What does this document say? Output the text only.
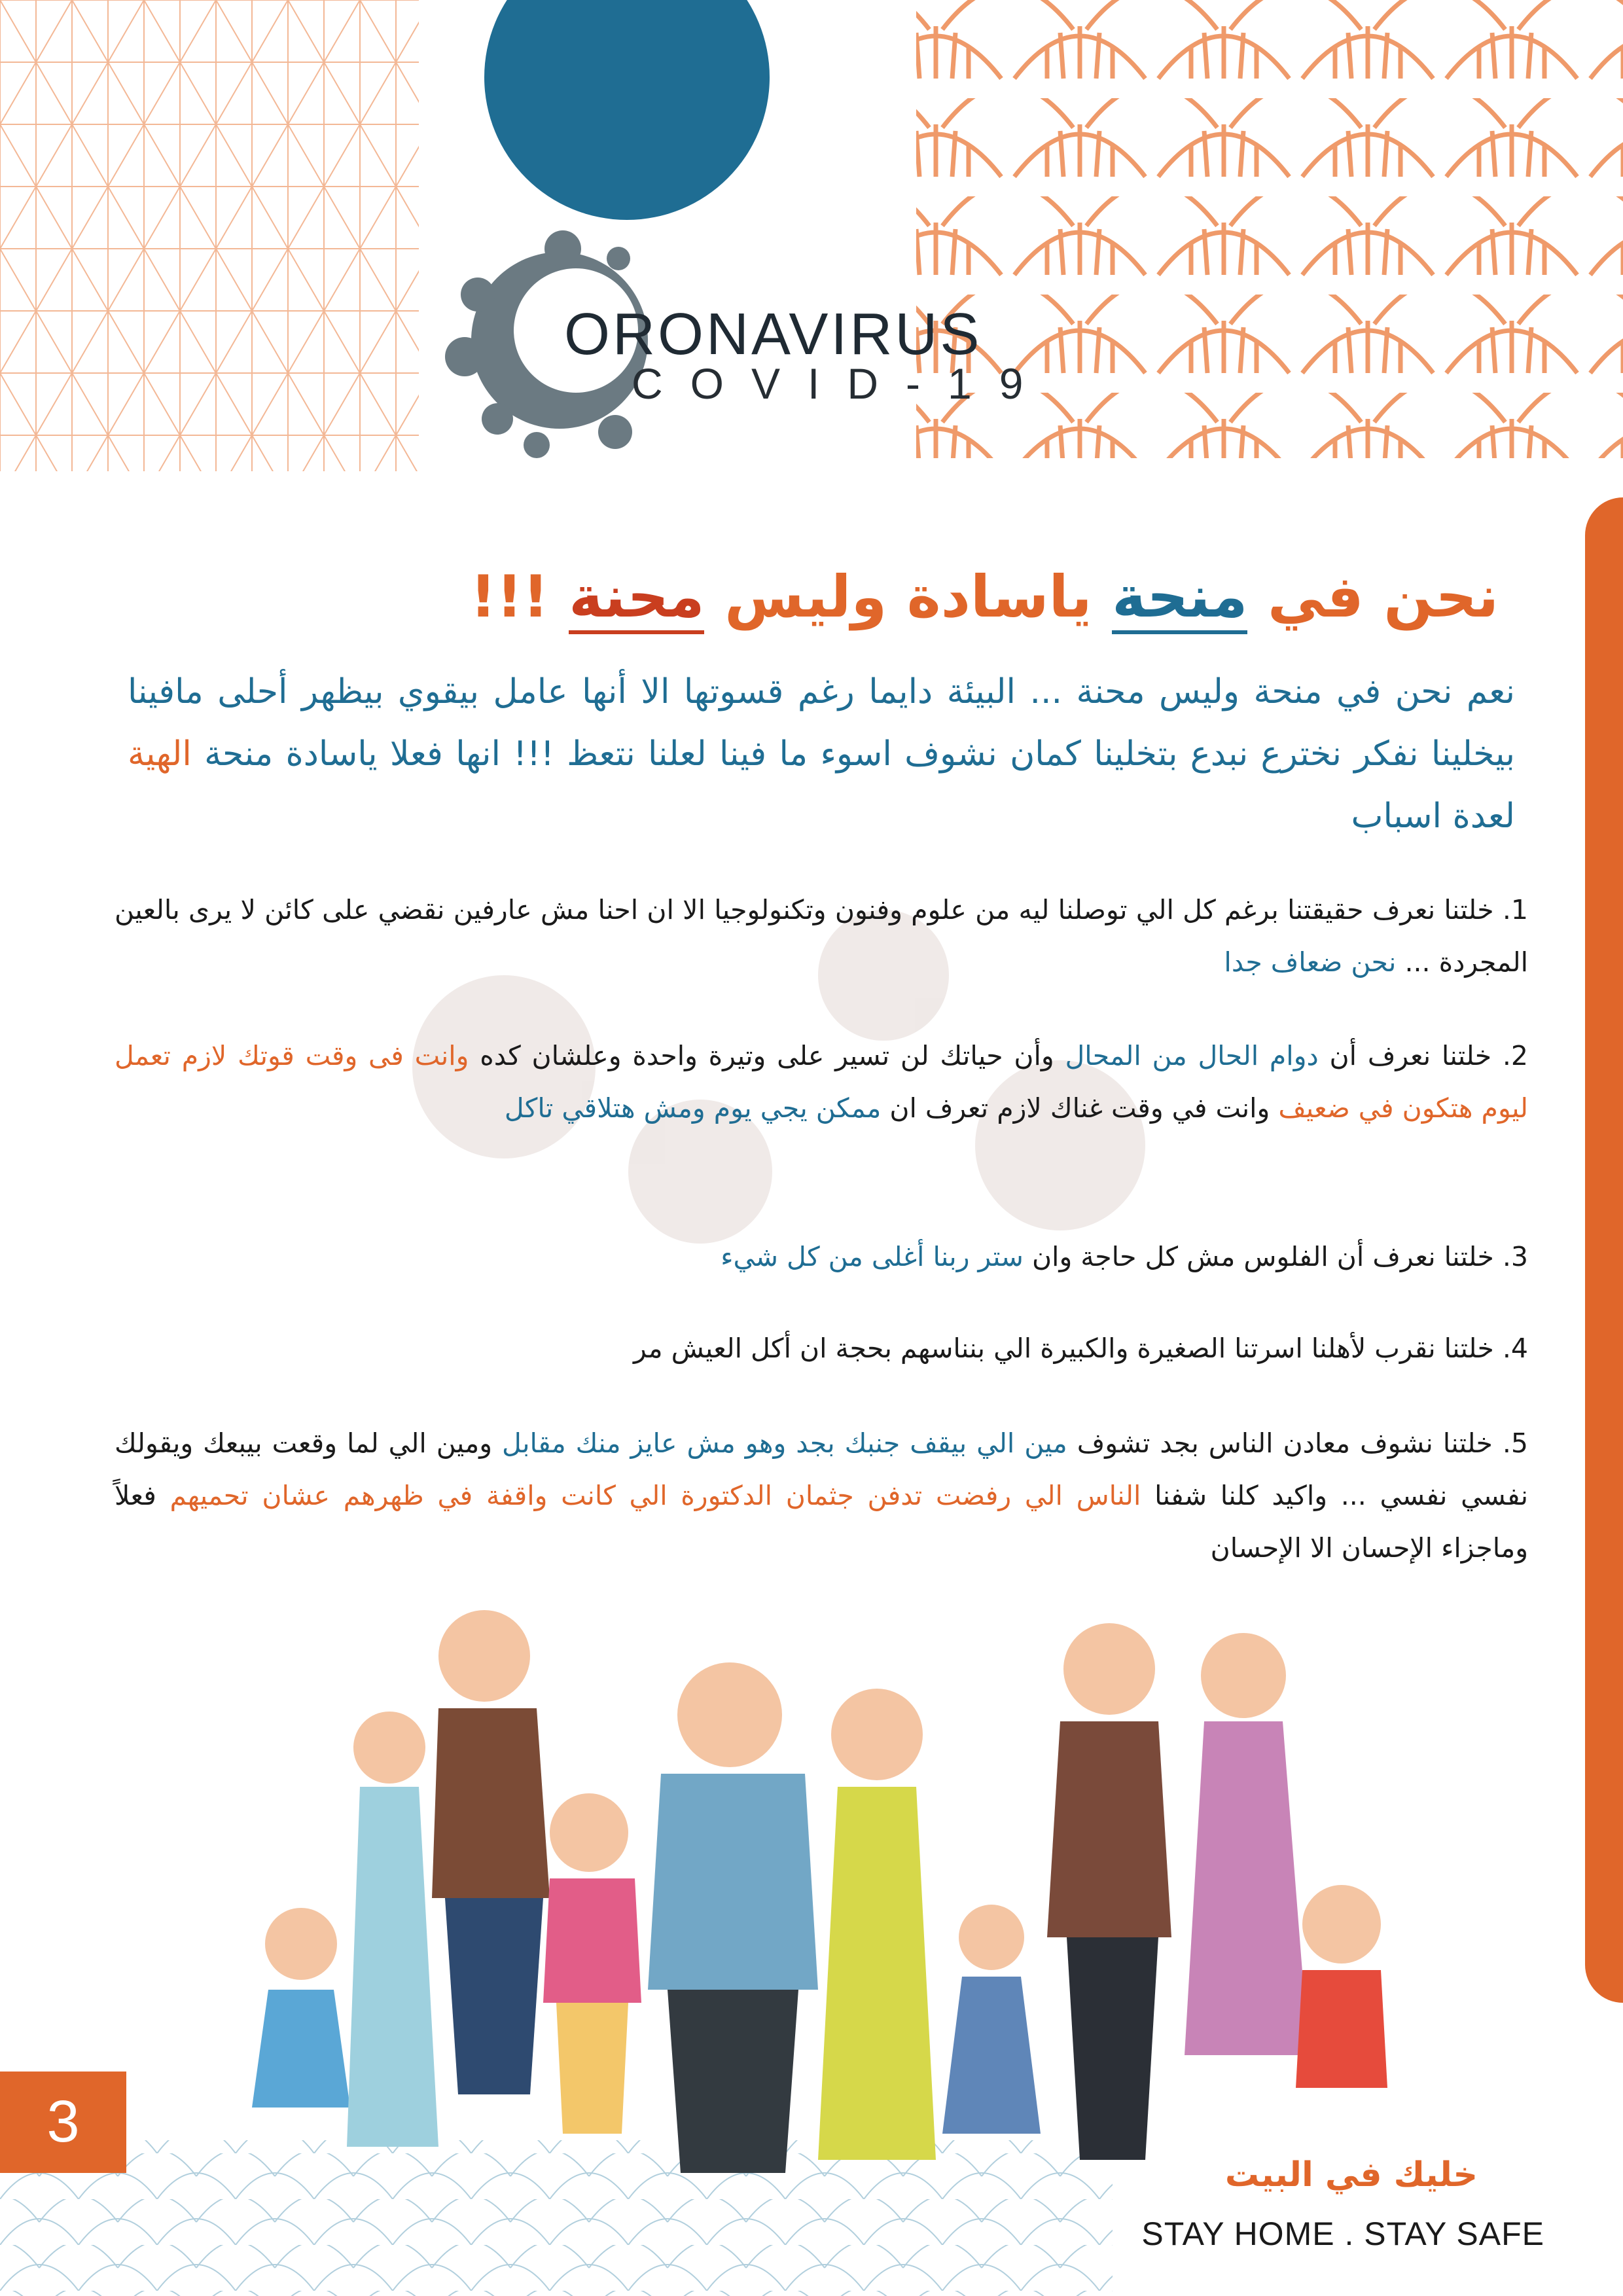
ORONAVIRUS
COVID-19
نحن في منحة ياسادة وليس محنة !!!
نعم نحن في منحة وليس محنة ... البيئة دايما رغم قسوتها الا أنها عامل بيقوي بيظهر أحلى مافينا بيخلينا نفكر نخترع نبدع بتخلينا كمان نشوف اسوء ما فينا لعلنا نتعظ !!! انها فعلا ياسادة منحة الهية لعدة اسباب
1. خلتنا نعرف حقيقتنا برغم كل الي توصلنا ليه من علوم وفنون وتكنولوجيا الا ان احنا مش عارفين نقضي على كائن لا يرى بالعين المجردة ... نحن ضعاف جدا
2. خلتنا نعرف أن دوام الحال من المحال وأن حياتك لن تسير على وتيرة واحدة وعلشان كده وانت فى وقت قوتك لازم تعمل ليوم هتكون في ضعيف وانت في وقت غناك لازم تعرف ان ممكن يجي يوم ومش هتلاقي تاكل
3. خلتنا نعرف أن الفلوس مش كل حاجة وان ستر ربنا أغلى من كل شيء
4. خلتنا نقرب لأهلنا اسرتنا الصغيرة والكبيرة الي بنناسهم بحجة ان أكل العيش مر
5. خلتنا نشوف معادن الناس بجد تشوف مين الي بيقف جنبك بجد وهو مش عايز منك مقابل ومين الي لما وقعت بيبعك ويقولك نفسي نفسي ... واكيد كلنا شفنا الناس الي رفضت تدفن جثمان الدكتورة الي كانت واقفة في ظهرهم عشان تحميهم فعلاً وماجزاء الإحسان الا الإحسان
3
خليك في البيت
STAY HOME . STAY SAFE
